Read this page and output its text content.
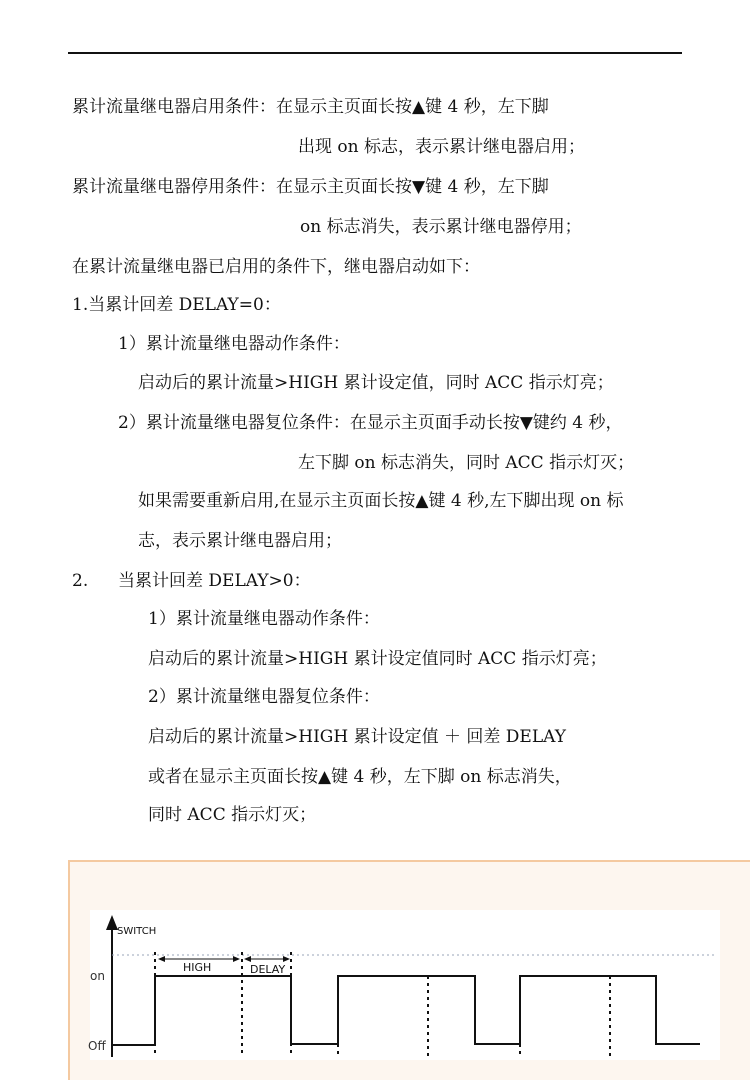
累计流量继电器启用条件：在显示主页面长按▲键 4 秒，左下脚
出现 on 标志，表示累计继电器启用；
累计流量继电器停用条件：在显示主页面长按▼键 4 秒，左下脚
on 标志消失，表示累计继电器停用；
在累计流量继电器已启用的条件下，继电器启动如下：
1.当累计回差 DELAY=0：
1）累计流量继电器动作条件：
启动后的累计流量>HIGH 累计设定值，同时 ACC 指示灯亮；
2）累计流量继电器复位条件：在显示主页面手动长按▼键约 4 秒，
左下脚 on 标志消失，同时 ACC 指示灯灭；
如果需要重新启用,在显示主页面长按▲键 4 秒,左下脚出现 on 标
志，表示累计继电器启用；
2. 当累计回差 DELAY>0：
1）累计流量继电器动作条件：
启动后的累计流量>HIGH 累计设定值同时 ACC 指示灯亮；
2）累计流量继电器复位条件：
启动后的累计流量>HIGH 累计设定值 ＋ 回差 DELAY
或者在显示主页面长按▲键 4 秒，左下脚 on 标志消失，
同时 ACC 指示灯灭；
SWITCH
on
Off
HIGH	DELAY
